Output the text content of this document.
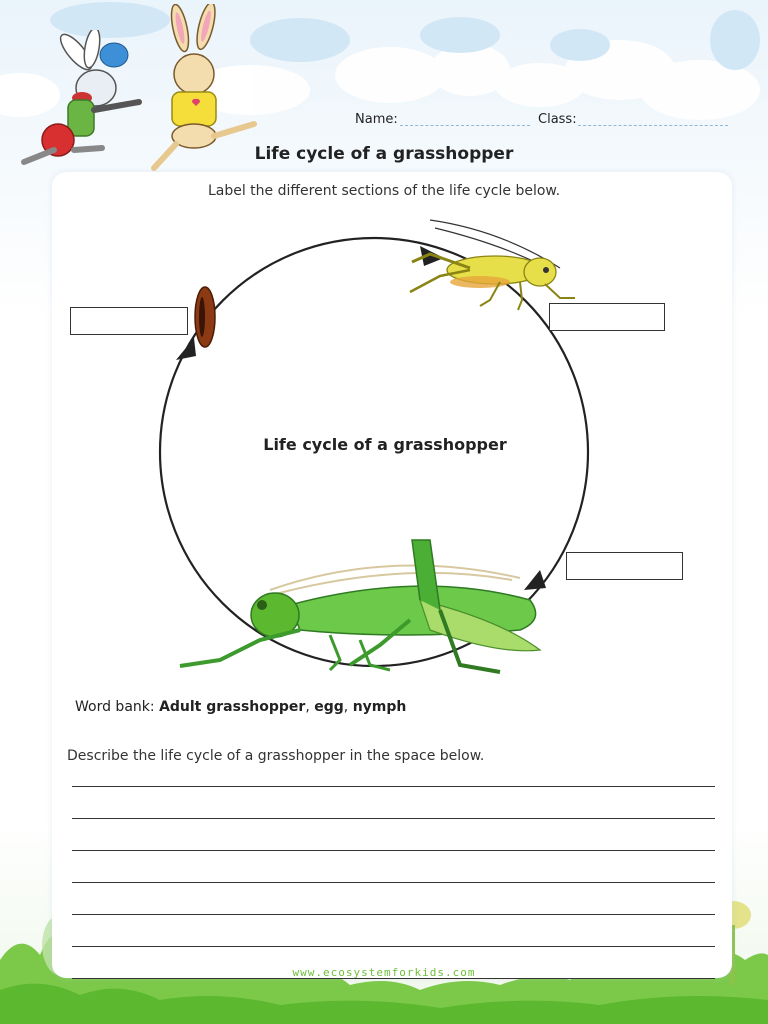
Name:	Class:
Life cycle of a grasshopper
Label the different sections of the life cycle below.
Life cycle of a grasshopper
Word bank: Adult grasshopper, egg, nymph
Describe the life cycle of a grasshopper in the space below.
www.ecosystemforkids.com
